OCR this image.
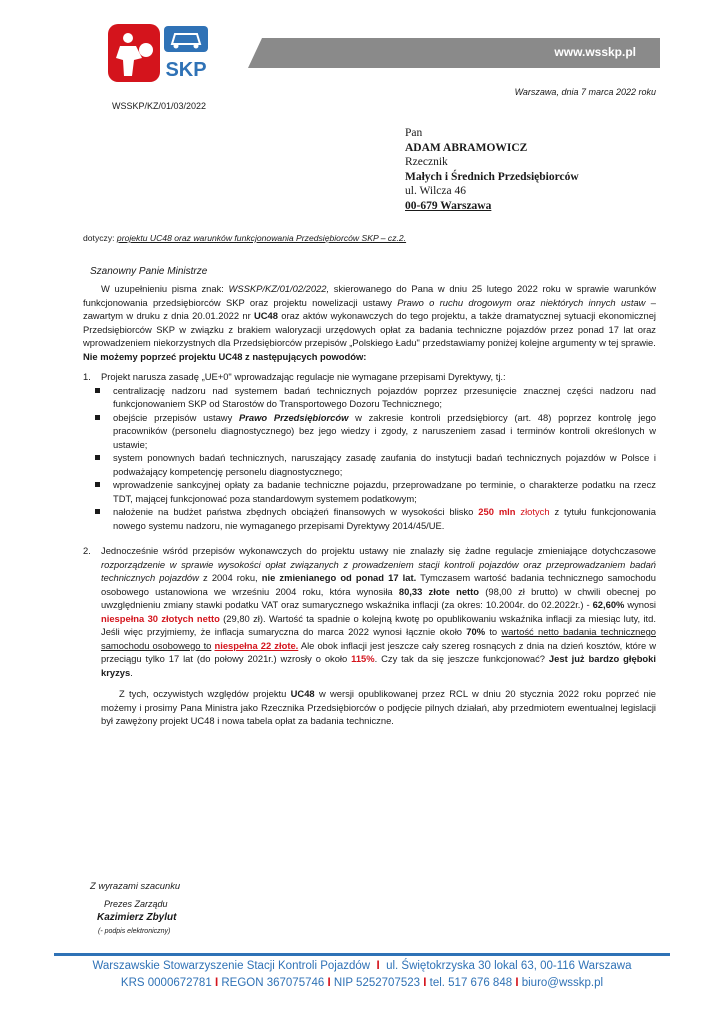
SKP
www.wsskp.pl
Warszawa, dnia 7 marca 2022 roku
WSSKP/KZ/01/03/2022
Pan
ADAM ABRAMOWICZ
Rzecznik
Małych i Średnich Przedsiębiorców
ul. Wilcza 46
00-679 Warszawa
dotyczy: projektu UC48 oraz warunków funkcjonowania Przedsiębiorców SKP – cz.2.
Szanowny Panie Ministrze

W uzupełnieniu pisma znak: WSSKP/KZ/01/02/2022, skierowanego do Pana w dniu 25 lutego 2022 roku w sprawie warunków funkcjonowania przedsiębiorców SKP oraz projektu nowelizacji ustawy Prawo o ruchu drogowym oraz niektórych innych ustaw – zawartym w druku z dnia 20.01.2022 nr UC48 oraz aktów wykonawczych do tego projektu, a także dramatycznej sytuacji ekonomicznej Przedsiębiorców SKP w związku z brakiem waloryzacji urzędowych opłat za badania techniczne pojazdów przez ponad 17 lat oraz wprowadzeniem niekorzystnych dla Przedsiębiorców przepisów „Polskiego Ładu" przedstawiamy poniżej kolejne argumenty w tej sprawie.

Nie możemy poprzeć projektu UC48 z następujących powodów:

1. Projekt narusza zasadę „UE+0" wprowadzając regulacje nie wymagane przepisami Dyrektywy, tj.:
centralizację nadzoru nad systemem badań technicznych pojazdów poprzez przesunięcie znacznej części nadzoru nad funkcjonowaniem SKP od Starostów do Transportowego Dozoru Technicznego;
obejście przepisów ustawy Prawo Przedsiębiorców w zakresie kontroli przedsiębiorcy (art. 48) poprzez kontrolę jego pracowników (personelu diagnostycznego) bez jego wiedzy i zgody, z naruszeniem zasad i terminów kontroli określonych w ustawie;
system ponownych badań technicznych, naruszający zasadę zaufania do instytucji badań technicznych pojazdów w Polsce i podważający kompetencję personelu diagnostycznego;
wprowadzenie sankcyjnej opłaty za badanie techniczne pojazdu, przeprowadzane po terminie, o charakterze podatku na rzecz TDT, mającej funkcjonować poza standardowym systemem podatkowym;
nałożenie na budżet państwa zbędnych obciążeń finansowych w wysokości blisko 250 mln złotych z tytułu funkcjonowania nowego systemu nadzoru, nie wymaganego przepisami Dyrektywy 2014/45/UE.
2. Jednocześnie wśród przepisów wykonawczych do projektu ustawy nie znalazły się żadne regulacje zmieniające dotychczasowe rozporządzenie w sprawie wysokości opłat związanych z prowadzeniem stacji kontroli pojazdów oraz przeprowadzaniem badań technicznych pojazdów z 2004 roku, nie zmienianego od ponad 17 lat. Tymczasem wartość badania technicznego samochodu osobowego ustanowiona we wrześniu 2004 roku, która wynosiła 80,33 złote netto (98,00 zł brutto) w chwili obecnej po uwzględnieniu zmiany stawki podatku VAT oraz sumarycznego wskaźnika inflacji (za okres: 10.2004r. do 02.2022r.) - 62,60% wynosi niespełna 30 złotych netto (29,80 zł). Wartość ta spadnie o kolejną kwotę po opublikowaniu wskaźnika inflacji za miesiąc luty, itd. Jeśli więc przyjmiemy, że inflacja sumaryczna do marca 2022 wynosi łącznie około 70% to wartość netto badania technicznego samochodu osobowego to niespełna 22 złote. Ale obok inflacji jest jeszcze cały szereg rosnących z dnia na dzień kosztów, które w przeciągu tylko 17 lat (do połowy 2021r.) wzrosły o około 115%. Czy tak da się jeszcze funkcjonować? Jest już bardzo głęboki kryzys.

Z tych, oczywistych względów projektu UC48 w wersji opublikowanej przez RCL w dniu 20 stycznia 2022 roku poprzeć nie możemy i prosimy Pana Ministra jako Rzecznika Przedsiębiorców o podjęcie pilnych działań, aby przedmiotem ewentualnej legislacji był zawężony projekt UC48 i nowa tabela opłat za badania techniczne.

Z wyrazami szacunku
Prezes Zarządu
Kazimierz Zbylut
(- podpis elektroniczny)
Warszawskie Stowarzyszenie Stacji Kontroli Pojazdów I ul. Świętokrzyska 30 lokal 63, 00-116 Warszawa
KRS 0000672781 I REGON 367075746 I NIP 5252707523 I tel. 517 676 848 I biuro@wsskp.pl
